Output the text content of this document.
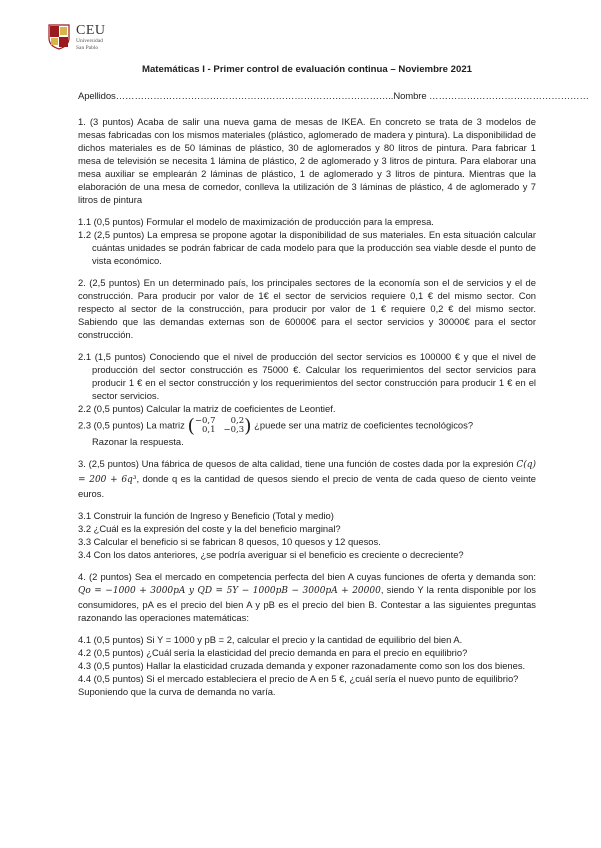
CEU
Universidad
San Pablo
Matemáticas I - Primer control de evaluación continua – Noviembre 2021
Apellidos……………………………………………………………………………..Nombre ……………………………………………

1. (3 puntos) Acaba de salir una nueva gama de mesas de IKEA. En concreto se trata de 3 modelos de mesas fabricadas con los mismos materiales (plástico, aglomerado de madera y pintura). La disponibilidad de dichos materiales es de 50 láminas de plástico, 30 de aglomerados y 80 litros de pintura. Para fabricar 1 mesa de televisión se necesita 1 lámina de plástico, 2 de aglomerado y 3 litros de pintura. Para elaborar una mesa auxiliar se emplearán 2 láminas de plástico, 1 de aglomerado y 3 litros de pintura. Mientras que la elaboración de una mesa de comedor, conlleva la utilización de 3 láminas de plástico, 4 de aglomerado y 7 litros de pintura

1.1 (0,5 puntos) Formular el modelo de maximización de producción para la empresa.
1.2 (2,5 puntos) La empresa se propone agotar la disponibilidad de sus materiales. En esta situación calcular cuántas unidades se podrán fabricar de cada modelo para que la producción sea viable desde el punto de vista económico.

2. (2,5 puntos) En un determinado país, los principales sectores de la economía son el de servicios y el de construcción. Para producir por valor de 1€ el sector de servicios requiere 0,1 € del mismo sector. Con respecto al sector de la construcción, para producir por valor de 1 € requiere 0,2 € del mismo sector. Sabiendo que las demandas externas son de 60000€ para el sector servicios y 30000€ para el sector construcción.

2.1 (1,5 puntos) Conociendo que el nivel de producción del sector servicios es 100000 € y que el nivel de producción del sector construcción es 75000 €. Calcular los requerimientos del sector servicios para producir 1 € en el sector construcción y los requerimientos del sector construcción para producir 1 € en el sector servicios.
2.2 (0,5 puntos) Calcular la matriz de coeficientes de Leontief.
2.3 (0,5 puntos) La matriz ( −0,7	0,2
0,1 −0,3 ) ¿puede ser una matriz de coeficientes tecnológicos?
Razonar la respuesta.

3. (2,5 puntos) Una fábrica de quesos de alta calidad, tiene una función de costes dada por la expresión C(q) = 200 + 6q³, donde q es la cantidad de quesos siendo el precio de venta de cada queso de ciento veinte euros.

3.1 Construir la función de Ingreso y Beneficio (Total y medio)
3.2 ¿Cuál es la expresión del coste y la del beneficio marginal?
3.3 Calcular el beneficio si se fabrican 8 quesos, 10 quesos y 12 quesos.
3.4 Con los datos anteriores, ¿se podría averiguar si el beneficio es creciente o decreciente?

4. (2 puntos) Sea el mercado en competencia perfecta del bien A cuyas funciones de oferta y demanda son: Qo = −1000 + 3000pA y QD = 5Y − 1000pB − 3000pA + 20000, siendo Y la renta disponible por los consumidores, pA es el precio del bien A y pB es el precio del bien B. Contestar a las siguientes preguntas razonando las operaciones matemáticas:

4.1 (0,5 puntos) Si Y = 1000 y pB = 2, calcular el precio y la cantidad de equilibrio del bien A.
4.2 (0,5 puntos) ¿Cuál sería la elasticidad del precio demanda en para el precio en equilibrio?
4.3 (0,5 puntos) Hallar la elasticidad cruzada demanda y exponer razonadamente como son los dos bienes.
4.4 (0,5 puntos) Si el mercado estableciera el precio de A en 5 €, ¿cuál sería el nuevo punto de equilibrio? Suponiendo que la curva de demanda no varía.
